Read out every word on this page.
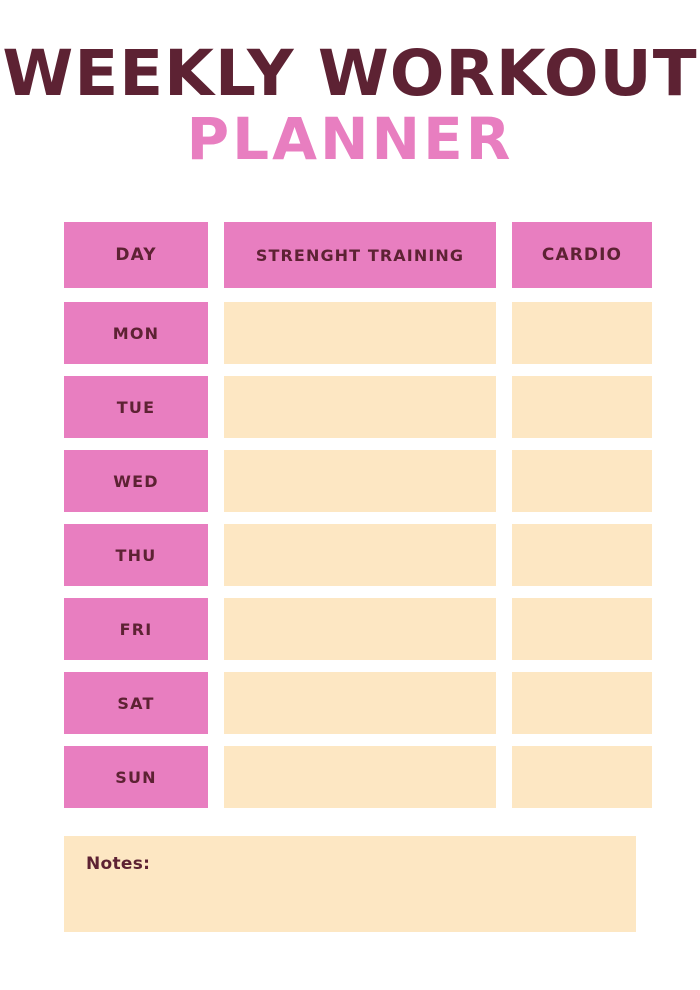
WEEKLY WORKOUT
PLANNER
DAY	STRENGHT TRAINING	CARDIO
MON
TUE
WED
THU
FRI
SAT
SUN
Notes:
